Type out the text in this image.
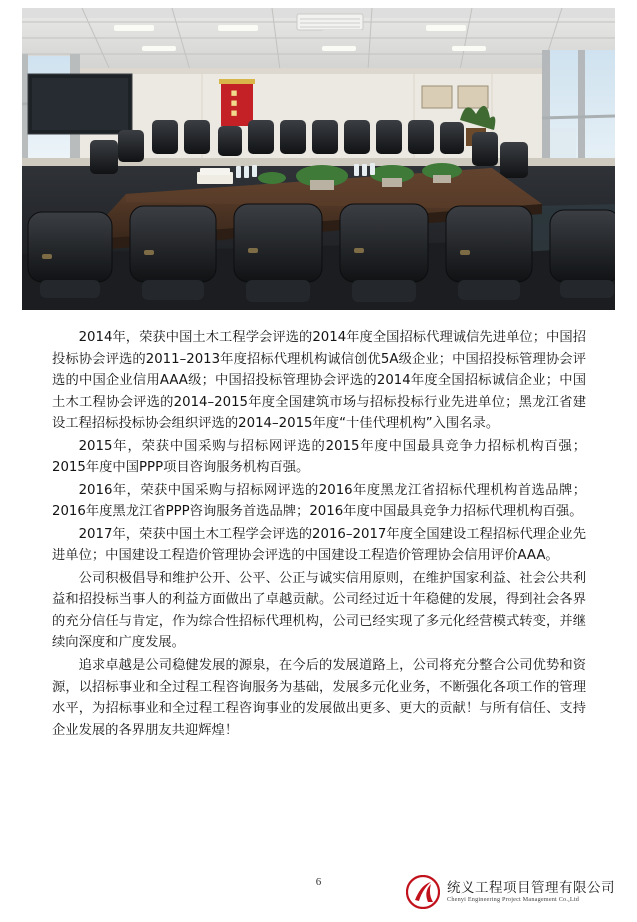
■
■
■

2014年，荣获中国土木工程学会评选的2014年度全国招标代理诚信先进单位；中国招投标协会评选的2011–2013年度招标代理机构诚信创优5A级企业；中国招投标管理协会评选的中国企业信用AAA级；中国招投标管理协会评选的2014年度全国招标诚信企业；中国土木工程协会评选的2014–2015年度全国建筑市场与招标投标行业先进单位；黑龙江省建设工程招标投标协会组织评选的2014–2015年度“十佳代理机构”入围名录。

2015年，荣获中国采购与招标网评选的2015年度中国最具竞争力招标机构百强；2015年度中国PPP项目咨询服务机构百强。

2016年，荣获中国采购与招标网评选的2016年度黑龙江省招标代理机构首选品牌；2016年度黑龙江省PPP咨询服务首选品牌；2016年度中国最具竞争力招标代理机构百强。

2017年，荣获中国土木工程学会评选的2016–2017年度全国建设工程招标代理企业先进单位；中国建设工程造价管理协会评选的中国建设工程造价管理协会信用评价AAA。

公司积极倡导和维护公开、公平、公正与诚实信用原则，在维护国家利益、社会公共利益和招投标当事人的利益方面做出了卓越贡献。公司经过近十年稳健的发展，得到社会各界的充分信任与肯定，作为综合性招标代理机构，公司已经实现了多元化经营模式转变，并继续向深度和广度发展。

追求卓越是公司稳健发展的源泉，在今后的发展道路上，公司将充分整合公司优势和资源，以招标事业和全过程工程咨询服务为基础，发展多元化业务，不断强化各项工作的管理水平，为招标事业和全过程工程咨询事业的发展做出更多、更大的贡献！与所有信任、支持企业发展的各界朋友共迎辉煌！

6	统义工程项目管理有限公司
Chenyi Engineering Project Management Co.,Ltd
